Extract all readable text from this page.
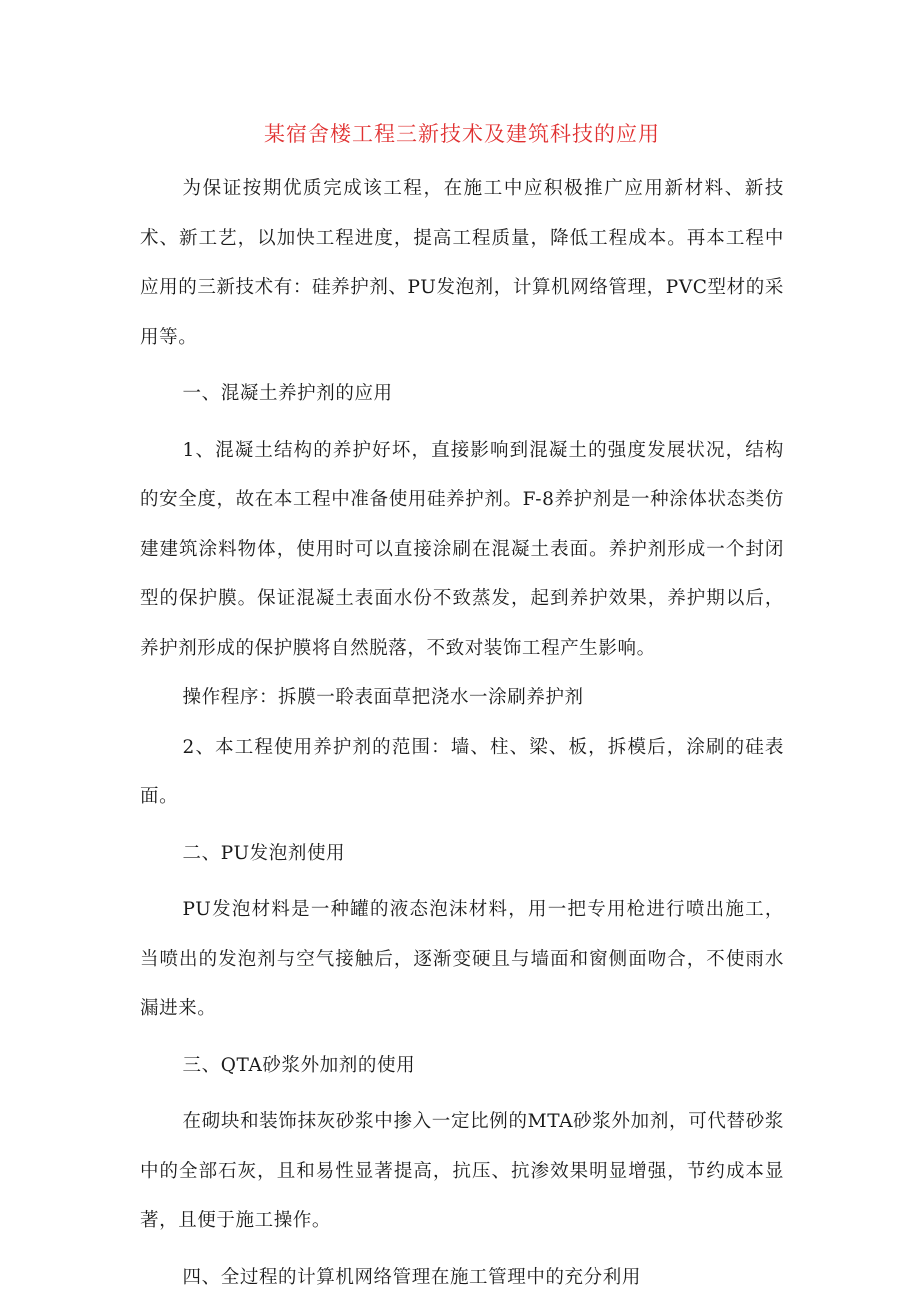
某宿舍楼工程三新技术及建筑科技的应用

为保证按期优质完成该工程，在施工中应积极推广应用新材料、新技术、新工艺，以加快工程进度，提高工程质量，降低工程成本。再本工程中应用的三新技术有：硅养护剂、PU发泡剂，计算机网络管理，PVC型材的采用等。

一、混凝土养护剂的应用

1、混凝土结构的养护好坏，直接影响到混凝土的强度发展状况，结构的安全度，故在本工程中准备使用硅养护剂。F-8养护剂是一种涂体状态类仿建建筑涂料物体，使用时可以直接涂刷在混凝土表面。养护剂形成一个封闭型的保护膜。保证混凝土表面水份不致蒸发，起到养护效果，养护期以后，养护剂形成的保护膜将自然脱落，不致对装饰工程产生影响。

操作程序：拆膜一聆表面草把浇水一涂刷养护剂

2、本工程使用养护剂的范围：墙、柱、梁、板，拆模后，涂刷的硅表面。

二、PU发泡剂使用

PU发泡材料是一种罐的液态泡沫材料，用一把专用枪进行喷出施工，当喷出的发泡剂与空气接触后，逐渐变硬且与墙面和窗侧面吻合，不使雨水漏进来。

三、QTA砂浆外加剂的使用

在砌块和装饰抹灰砂浆中掺入一定比例的MTA砂浆外加剂，可代替砂浆中的全部石灰，且和易性显著提高，抗压、抗渗效果明显增强，节约成本显著，且便于施工操作。

四、全过程的计算机网络管理在施工管理中的充分利用
